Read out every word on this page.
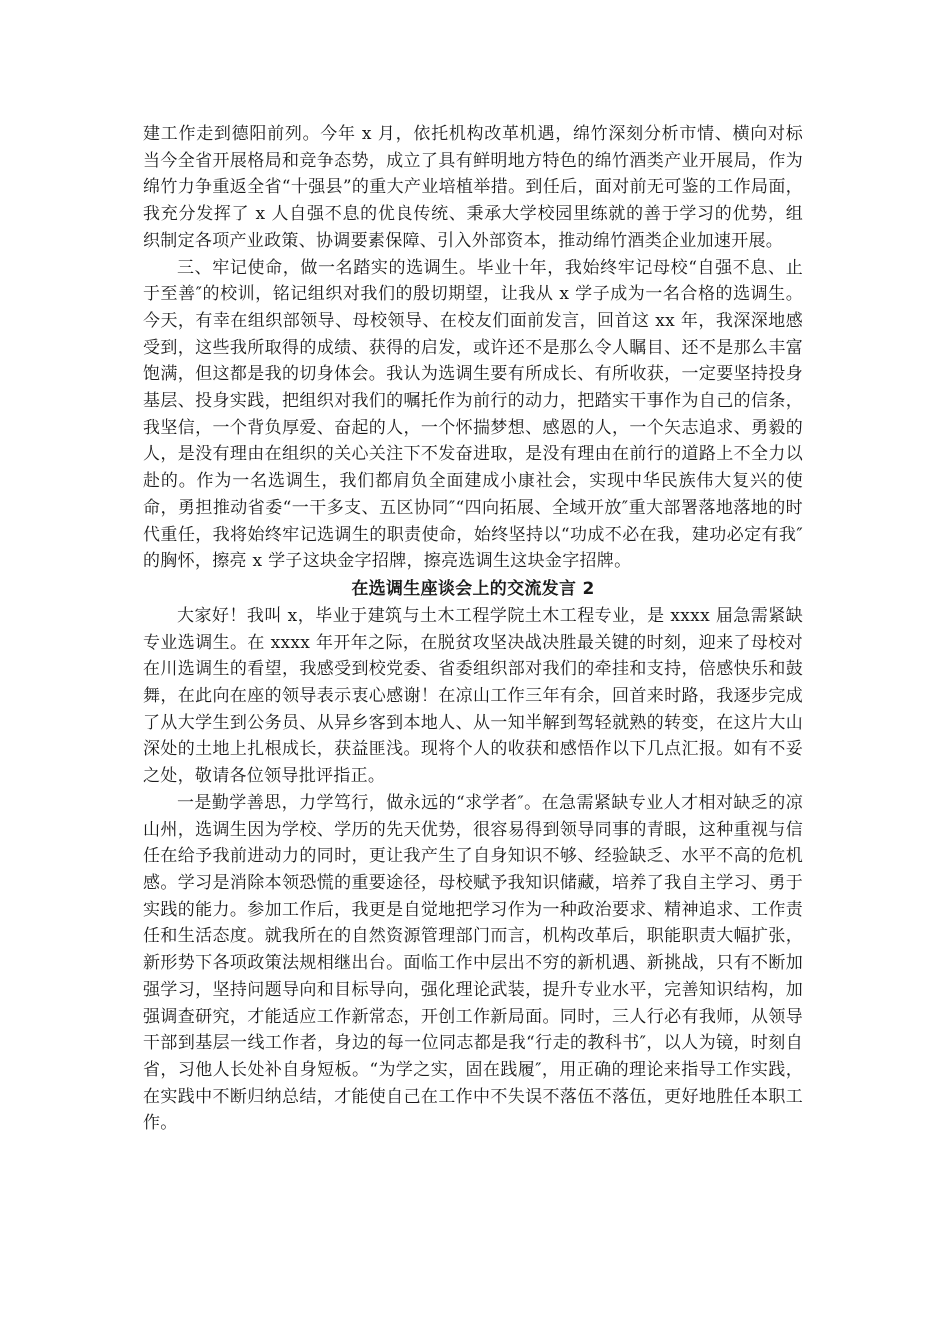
建工作走到德阳前列。今年 x 月，依托机构改革机遇，绵竹深刻分析市情、横向对标当今全省开展格局和竞争态势，成立了具有鲜明地方特色的绵竹酒类产业开展局，作为绵竹力争重返全省“十强县”的重大产业培植举措。到任后，面对前无可鉴的工作局面，我充分发挥了 x 人自强不息的优良传统、秉承大学校园里练就的善于学习的优势，组织制定各项产业政策、协调要素保障、引入外部资本，推动绵竹酒类企业加速开展。

三、牢记使命，做一名踏实的选调生。毕业十年，我始终牢记母校“自强不息、止于至善″的校训，铭记组织对我们的殷切期望，让我从 x 学子成为一名合格的选调生。今天，有幸在组织部领导、母校领导、在校友们面前发言，回首这 xx 年，我深深地感受到，这些我所取得的成绩、获得的启发，或许还不是那么令人瞩目、还不是那么丰富饱满，但这都是我的切身体会。我认为选调生要有所成长、有所收获，一定要坚持投身基层、投身实践，把组织对我们的嘱托作为前行的动力，把踏实干事作为自己的信条，我坚信，一个背负厚爱、奋起的人，一个怀揣梦想、感恩的人，一个矢志追求、勇毅的人，是没有理由在组织的关心关注下不发奋进取，是没有理由在前行的道路上不全力以赴的。作为一名选调生，我们都肩负全面建成小康社会，实现中华民族伟大复兴的使命，勇担推动省委“一干多支、五区协同″“四向拓展、全域开放″重大部署落地落地的时代重任，我将始终牢记选调生的职责使命，始终坚持以“功成不必在我，建功必定有我″的胸怀，擦亮 x 学子这块金字招牌，擦亮选调生这块金字招牌。

在选调生座谈会上的交流发言 2

大家好！我叫 x，毕业于建筑与土木工程学院土木工程专业，是 xxxx 届急需紧缺专业选调生。在 xxxx 年开年之际，在脱贫攻坚决战决胜最关键的时刻，迎来了母校对在川选调生的看望，我感受到校党委、省委组织部对我们的牵挂和支持，倍感快乐和鼓舞，在此向在座的领导表示衷心感谢！在凉山工作三年有余，回首来时路，我逐步完成了从大学生到公务员、从异乡客到本地人、从一知半解到驾轻就熟的转变，在这片大山深处的土地上扎根成长，获益匪浅。现将个人的收获和感悟作以下几点汇报。如有不妥之处，敬请各位领导批评指正。

一是勤学善思，力学笃行，做永远的“求学者″。在急需紧缺专业人才相对缺乏的凉山州，选调生因为学校、学历的先天优势，很容易得到领导同事的青眼，这种重视与信任在给予我前进动力的同时，更让我产生了自身知识不够、经验缺乏、水平不高的危机感。学习是消除本领恐慌的重要途径，母校赋予我知识储藏，培养了我自主学习、勇于实践的能力。参加工作后，我更是自觉地把学习作为一种政治要求、精神追求、工作责任和生活态度。就我所在的自然资源管理部门而言，机构改革后，职能职责大幅扩张，新形势下各项政策法规相继出台。面临工作中层出不穷的新机遇、新挑战，只有不断加强学习，坚持问题导向和目标导向，强化理论武装，提升专业水平，完善知识结构，加强调查研究，才能适应工作新常态，开创工作新局面。同时，三人行必有我师，从领导干部到基层一线工作者，身边的每一位同志都是我“行走的教科书″，以人为镜，时刻自省，习他人长处补自身短板。“为学之实，固在践履″，用正确的理论来指导工作实践，在实践中不断归纳总结，才能使自己在工作中不失误不落伍不落伍，更好地胜任本职工作。
